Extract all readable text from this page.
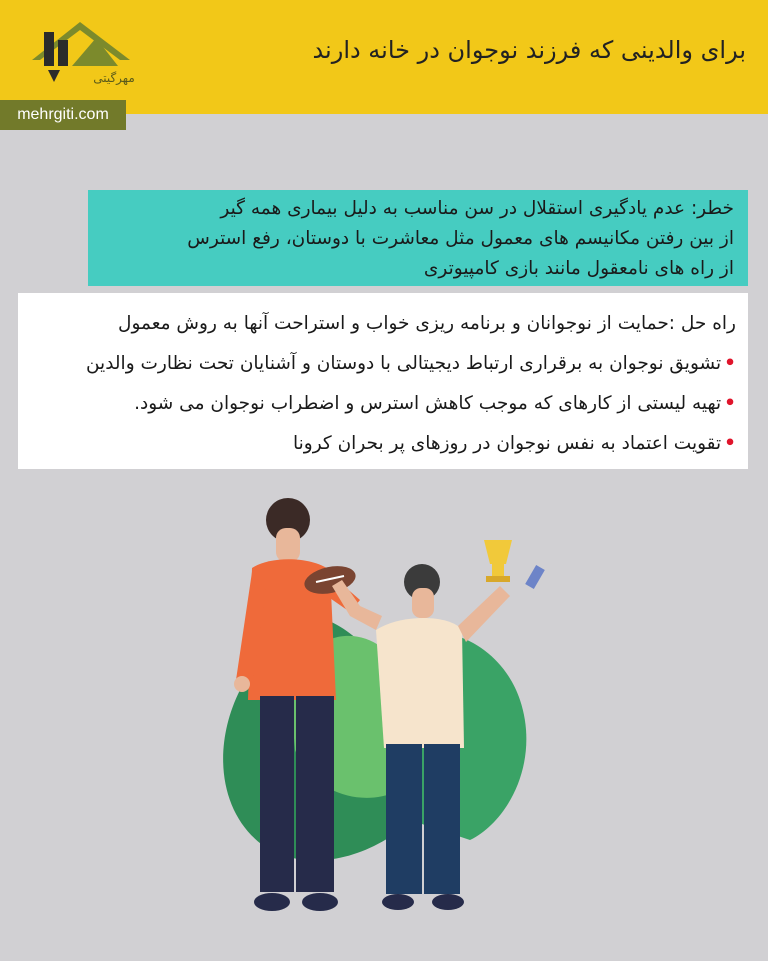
مهرگیتی
برای والدینی که فرزند نوجوان در خانه دارند
mehrgiti.com

خطر: عدم یادگیری استقلال در سن مناسب به دلیل بیماری همه گیر

از بین رفتن مکانیسم های معمول مثل معاشرت با دوستان، رفع استرس

از راه های نامعقول مانند بازی کامپیوتری

راه حل :حمایت از نوجوانان و برنامه ریزی خواب و استراحت آنها به روش معمول

•تشویق نوجوان به برقراری ارتباط دیجیتالی با دوستان و آشنایان تحت نظارت والدین

•تهیه لیستی از کارهای که موجب کاهش استرس و اضطراب نوجوان می شود.

•تقویت اعتماد به نفس نوجوان در روزهای پر بحران کرونا
